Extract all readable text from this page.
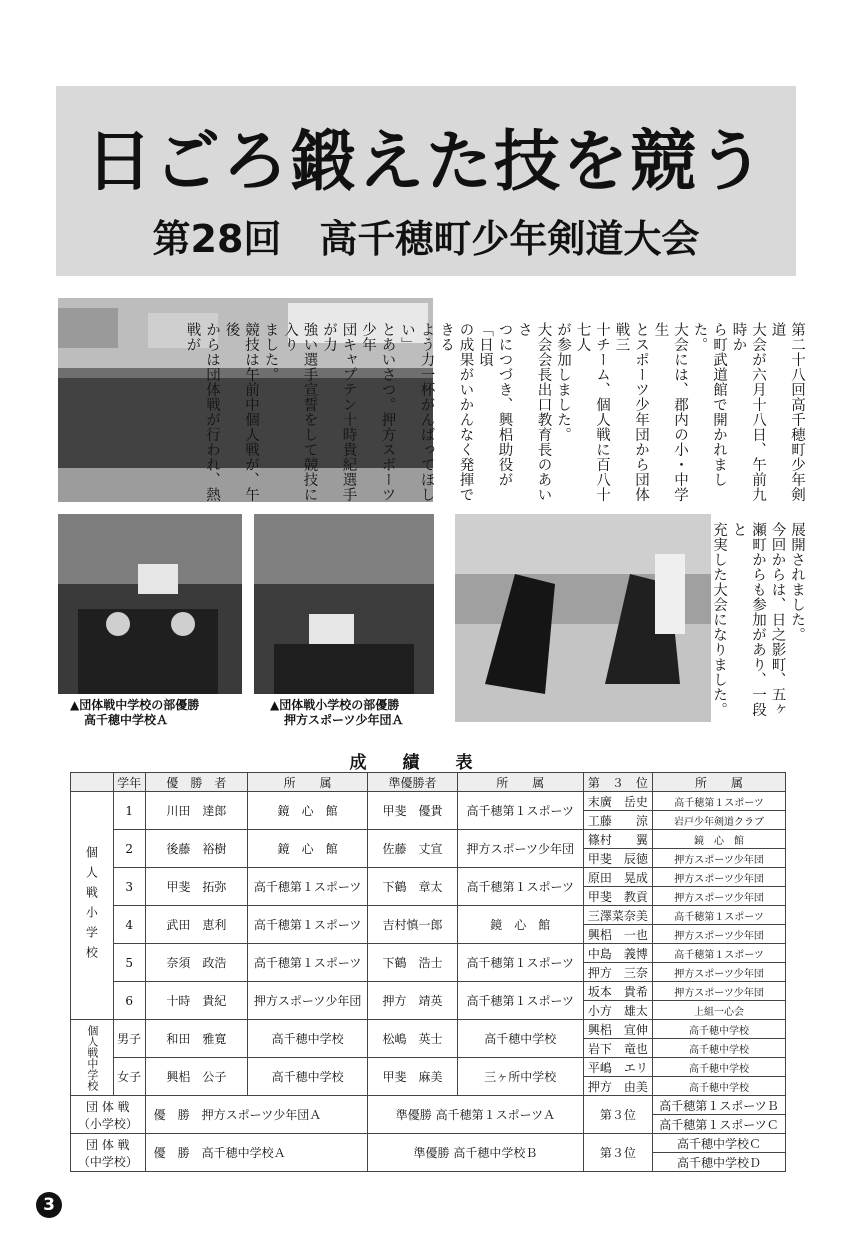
日ごろ鍛えた技を競う
第28回　高千穂町少年剣道大会
▲団体戦中学校の部優勝
高千穂中学校Ａ
▲団体戦小学校の部優勝
押方スポーツ少年団Ａ
第二十八回高千穂町少年剣道
大会が六月十八日、午前九時か
ら町武道館で開かれました。
大会には、郡内の小・中学生
とスポーツ少年団から団体戦三
十チーム、個人戦に百八十七人
が参加しました。
大会会長出口教育長のあいさ
つにつづき、興梠助役が「日頃
の成果がいかんなく発揮できる
よう力一杯がんばってほしい」
とあいさつ。押方スポーツ少年
団キャプテン十時貴紀選手が力
強い選手宣誓をして競技に入り
ました。
競技は午前中個人戦が、午後
からは団体戦が行われ、熱戦が
展開されました。
今回からは、日之影町、五ヶ
瀬町からも参加があり、一段と
充実した大会になりました。
成績表
	学年	優　勝　者	所　　属	準優勝者	所　　属	第　３　位	所　　属
個人戦小学校	1	川田　達郎	鏡　心　館	甲斐　優貴	高千穂第１スポーツ	末廣　岳史	高千穂第１スポーツ
						工藤　　涼	岩戸少年剣道クラブ
	2	後藤　裕樹	鏡　心　館	佐藤　丈宣	押方スポーツ少年団	篠村　　翼	鏡　心　館
						甲斐　辰徳	押方スポーツ少年団
	3	甲斐　拓弥	高千穂第１スポーツ	下鶴　章太	高千穂第１スポーツ	原田　晃成	押方スポーツ少年団
						甲斐　教貢	押方スポーツ少年団
	4	武田　恵利	高千穂第１スポーツ	吉村慎一郎	鏡　心　館	三澤菜奈美	高千穂第１スポーツ
						興梠　一也	押方スポーツ少年団
	5	奈須　政浩	高千穂第１スポーツ	下鶴　浩士	高千穂第１スポーツ	中島　義博	高千穂第１スポーツ
						押方　三奈	押方スポーツ少年団
	6	十時　貴紀	押方スポーツ少年団	押方　靖英	高千穂第１スポーツ	坂本　貴希	押方スポーツ少年団
						小方　雄太	上組一心会
個人戦中学校	男子	和田　雅寛	高千穂中学校	松嶋　英士	高千穂中学校	興梠　宣伸	高千穂中学校
						岩下　竜也	高千穂中学校
	女子	興梠　公子	高千穂中学校	甲斐　麻美	三ヶ所中学校	平嶋　エリ	高千穂中学校
						押方　由美	高千穂中学校

団 体 戦
（小学校）		優　勝　押方スポーツ少年団Ａ		準優勝 高千穂第１スポーツＡ		第３位	高千穂第１スポーツＢ
							高千穂第１スポーツＣ

団 体 戦
（中学校）		優　勝　高千穂中学校Ａ		準優勝 高千穂中学校Ｂ		第３位	高千穂中学校Ｃ
							高千穂中学校Ｄ
3
